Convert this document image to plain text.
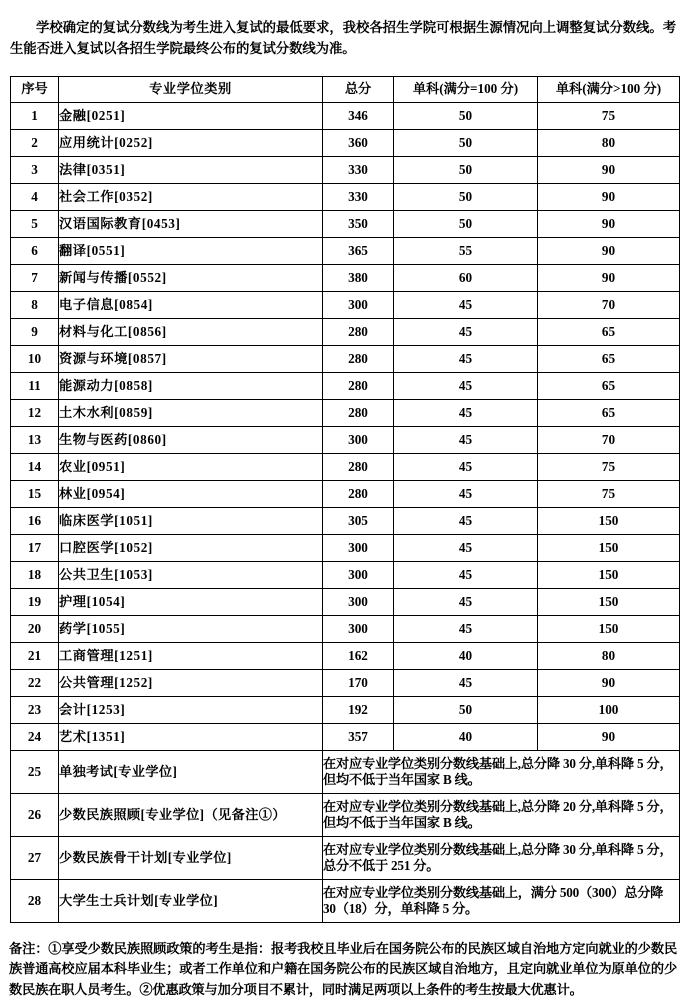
学校确定的复试分数线为考生进入复试的最低要求，我校各招生学院可根据生源情况向上调整复试分数线。考生能否进入复试以各招生学院最终公布的复试分数线为准。

序号	专业学位类别	总分	单科(满分=100 分)	单科(满分>100 分)
1	金融[0251]	346	50	75
2	应用统计[0252]	360	50	80
3	法律[0351]	330	50	90
4	社会工作[0352]	330	50	90
5	汉语国际教育[0453]	350	50	90
6	翻译[0551]	365	55	90
7	新闻与传播[0552]	380	60	90
8	电子信息[0854]	300	45	70
9	材料与化工[0856]	280	45	65
10	资源与环境[0857]	280	45	65
11	能源动力[0858]	280	45	65
12	土木水利[0859]	280	45	65
13	生物与医药[0860]	300	45	70
14	农业[0951]	280	45	75
15	林业[0954]	280	45	75
16	临床医学[1051]	305	45	150
17	口腔医学[1052]	300	45	150
18	公共卫生[1053]	300	45	150
19	护理[1054]	300	45	150
20	药学[1055]	300	45	150
21	工商管理[1251]	162	40	80
22	公共管理[1252]	170	45	90
23	会计[1253]	192	50	100
24	艺术[1351]	357	40	90
25	单独考试[专业学位]	在对应专业学位类别分数线基础上,总分降 30 分,单科降 5 分，但均不低于当年国家 B 线。		
26	少数民族照顾[专业学位]（见备注①）	在对应专业学位类别分数线基础上,总分降 20 分,单科降 5 分，但均不低于当年国家 B 线。		
27	少数民族骨干计划[专业学位]	在对应专业学位类别分数线基础上,总分降 30 分,单科降 5 分，总分不低于 251 分。		
28	大学生士兵计划[专业学位]	在对应专业学位类别分数线基础上，满分 500（300）总分降 30（18）分，单科降 5 分。		

备注：①享受少数民族照顾政策的考生是指：报考我校且毕业后在国务院公布的民族区域自治地方定向就业的少数民族普通高校应届本科毕业生；或者工作单位和户籍在国务院公布的民族区域自治地方，且定向就业单位为原单位的少数民族在职人员考生。②优惠政策与加分项目不累计，同时满足两项以上条件的考生按最大优惠计。
